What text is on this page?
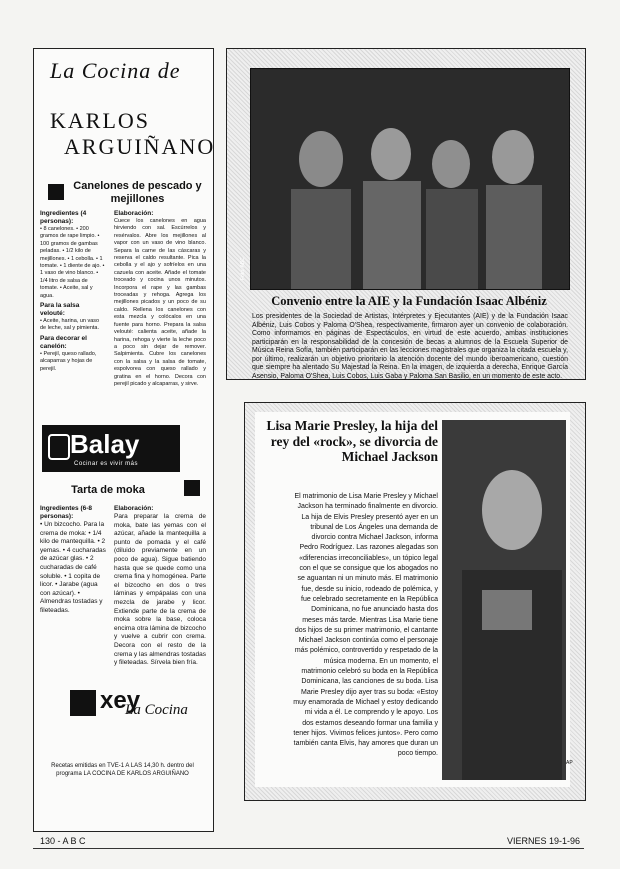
La Cocina de
KARLOS
ARGUIÑANO
Canelones de pescado y mejillones
Ingredientes (4 personas):
• 8 canelones. • 200 gramos de rape limpio. • 100 gramos de gambas peladas. • 1/2 kilo de mejillones. • 1 cebolla. • 1 tomate. • 1 diente de ajo. • 1 vaso de vino blanco. • 1/4 litro de salsa de tomate. • Aceite, sal y agua.
Para la salsa velouté:
• Aceite, harina, un vaso de leche, sal y pimienta.
Para decorar el canelón:
• Perejil, queso rallado, alcaparras y hojas de perejil.
Elaboración:
Cuece los canelones en agua hirviendo con sal. Escúrrelos y resérvalos. Abre los mejillones al vapor con un vaso de vino blanco. Separa la carne de las cáscaras y reserva el caldo resultante. Pica la cebolla y el ajo y sofríelos en una cazuela con aceite. Añade el tomate troceado y cocina unos minutos. Incorpora el rape y las gambas troceadas y rehoga. Agrega los mejillones picados y un poco de su caldo. Rellena los canelones con esta mezcla y colócalos en una fuente para horno. Prepara la salsa velouté: calienta aceite, añade la harina, rehoga y vierte la leche poco a poco sin dejar de remover. Salpimienta. Cubre los canelones con la salsa y la salsa de tomate, espolvorea con queso rallado y gratina en el horno. Decora con perejil picado y alcaparras, y sirve.
Balay
Cocinar es vivir más
Tarta de moka
Ingredientes (6-8 personas):
• Un bizcocho. Para la crema de moka: • 1/4 kilo de mantequilla. • 2 yemas. • 4 cucharadas de azúcar glas. • 2 cucharadas de café soluble. • 1 copita de licor. • Jarabe (agua con azúcar). • Almendras tostadas y fileteadas.
Elaboración:
Para preparar la crema de moka, bate las yemas con el azúcar, añade la mantequilla a punto de pomada y el café (diluido previamente en un poco de agua). Sigue batiendo hasta que se quede como una crema fina y homogénea. Parte el bizcocho en dos o tres láminas y empápalas con una mezcla de jarabe y licor. Extiende parte de la crema de moka sobre la base, coloca encima otra lámina de bizcocho y vuelve a cubrir con crema. Decora con el resto de la crema y las almendras tostadas y fileteadas. Sírvela bien fría.
xey
La Cocina
Recetas emitidas en TVE-1 A LAS 14,30 h. dentro del programa LA COCINA DE KARLOS ARGUIÑANO
Foto: ABC
Convenio entre la AIE y la Fundación Isaac Albéniz
Los presidentes de la Sociedad de Artistas, Intérpretes y Ejecutantes (AIE) y de la Fundación Isaac Albéniz, Luis Cobos y Paloma O'Shea, respectivamente, firmaron ayer un convenio de colaboración. Como informamos en páginas de Espectáculos, en virtud de este acuerdo, ambas instituciones participarán en la responsabilidad de la concesión de becas a alumnos de la Escuela Superior de Música Reina Sofía, también participarán en las lecciones magistrales que organiza la citada escuela y, por último, realizarán un objetivo prioritario la atención docente del mundo iberoamericano, cuestión que siempre ha alentado Su Majestad la Reina. En la imagen, de izquierda a derecha, Enrique García Asensio, Paloma O'Shea, Luis Cobos, Luis Gaba y Paloma San Basilio, en un momento de este acto.
AP
Lisa Marie Presley, la hija del rey del «rock», se divorcia de Michael Jackson
El matrimonio de Lisa Marie Presley y Michael Jackson ha terminado finalmente en divorcio. La hija de Elvis Presley presentó ayer en un tribunal de Los Ángeles una demanda de divorcio contra Michael Jackson, informa Pedro Rodríguez. Las razones alegadas son «diferencias irreconciliables», un tópico legal con el que se consigue que los abogados no se aguantan ni un minuto más. El matrimonio fue, desde su inicio, rodeado de polémica, y fue celebrado secretamente en la República Dominicana, no fue anunciado hasta dos meses más tarde. Mientras Lisa Marie tiene dos hijos de su primer matrimonio, el cantante Michael Jackson continúa como el personaje más polémico, controvertido y respetado de la música moderna. En un momento, el matrimonio celebró su boda en la República Dominicana, las canciones de su boda. Lisa Marie Presley dijo ayer tras su boda: «Estoy muy enamorada de Michael y estoy dedicando mi vida a él. Le comprendo y le apoyo. Los dos estamos deseando formar una familia y tener hijos. Vivimos felices juntos». Pero como también canta Elvis, hay amores que duran un poco tiempo.
130 - A B C	VIERNES 19-1-96
